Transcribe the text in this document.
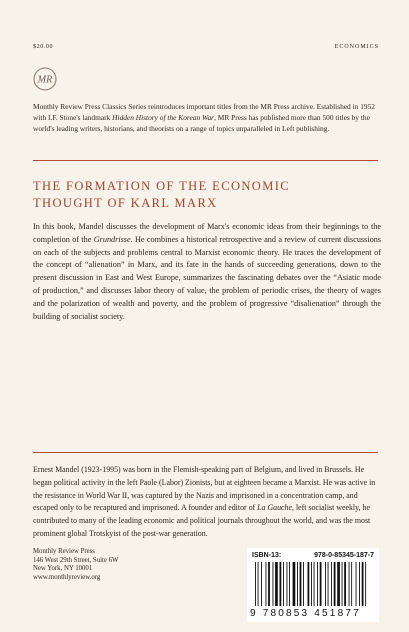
$20.00	ECONOMICS
MR
Monthly Review Press Classics Series reintroduces important titles from the MR Press archive. Established in 1952 with I.F. Stone's landmark Hidden History of the Korean War, MR Press has published more than 500 titles by the world's leading writers, historians, and theorists on a range of topics unparalleled in Left publishing.
THE FORMATION OF THE ECONOMIC
THOUGHT OF KARL MARX

In this book, Mandel discusses the development of Marx's economic ideas from their beginnings to the completion of the Grundrisse. He combines a historical retrospective and a review of current discussions on each of the subjects and problems central to Marxist economic theory. He traces the development of the concept of “alienation” in Marx, and its fate in the hands of succeeding generations, down to the present discussion in East and West Europe, summarizes the fascinating debates over the “Asiatic mode of production,” and discusses labor theory of value, the problem of periodic crises, the theory of wages and the polarization of wealth and poverty, and the problem of progressive “disalienation” through the building of socialist society.

Ernest Mandel (1923-1995) was born in the Flemish-speaking part of Belgium, and lived in Brussels. He began political activity in the left Paole (Labor) Zionists, but at eighteen became a Marxist. He was active in the resistance in World War II, was captured by the Nazis and imprisoned in a concentration camp, and escaped only to be recaptured and imprisoned. A founder and editor of La Gauche, left socialist weekly, he contributed to many of the leading economic and political journals throughout the world, and was the most prominent global Trotskyist of the post-war generation.

Monthly Review Press
146 West 29th Street, Suite 6W
New York, NY 10001
www.monthlyreview.org
ISBN-13:	978-0-85345-187-7
9 780853 451877
